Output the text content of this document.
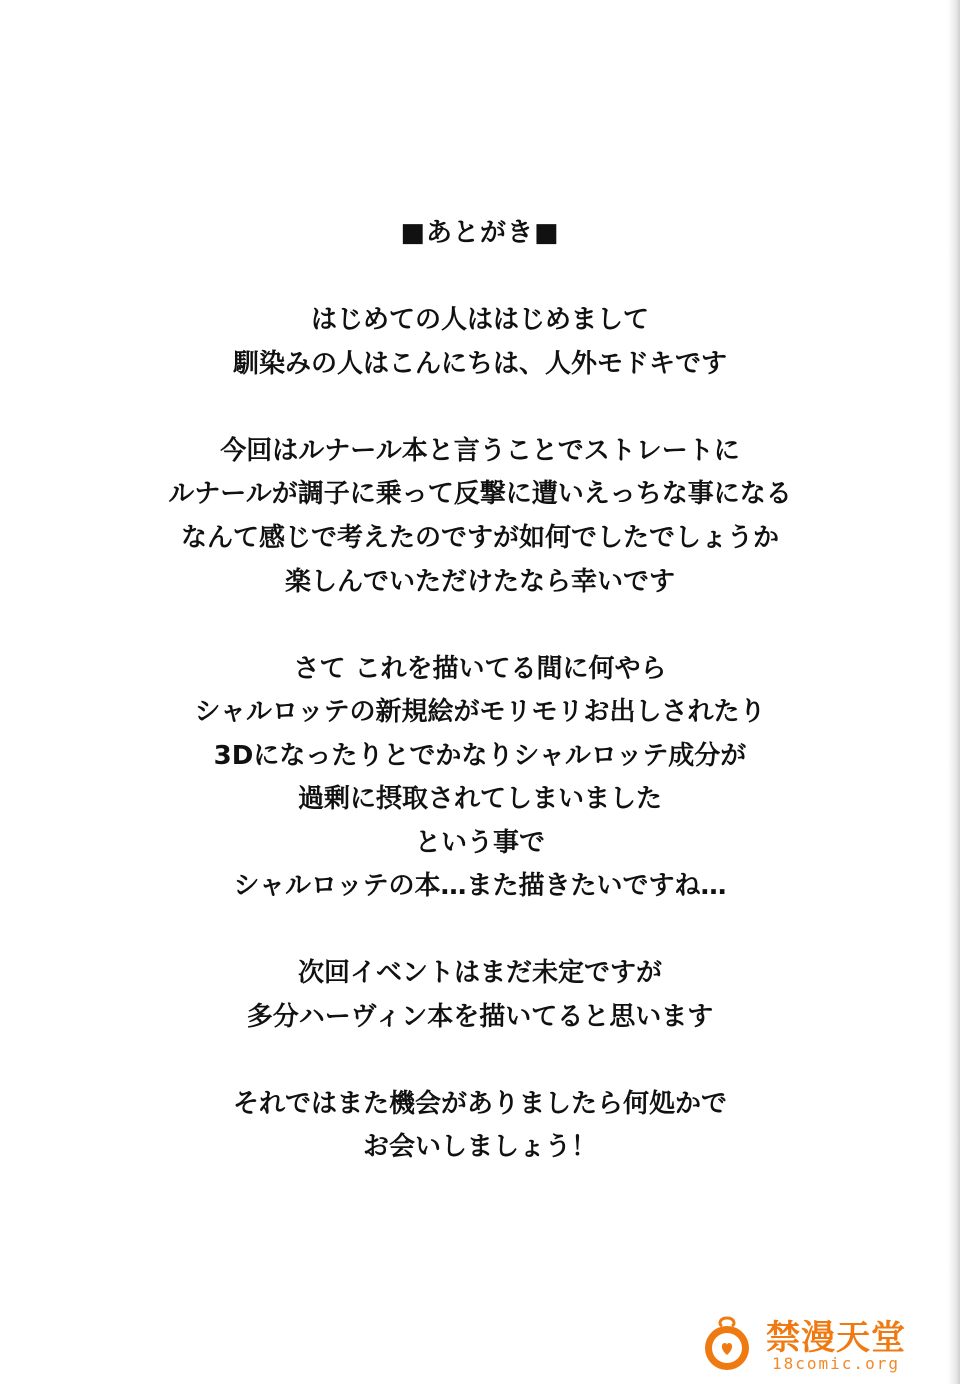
■あとがき■
はじめての人ははじめまして
馴染みの人はこんにちは、人外モドキです
今回はルナール本と言うことでストレートに
ルナールが調子に乗って反撃に遭いえっちな事になる
なんて感じで考えたのですが如何でしたでしょうか
楽しんでいただけたなら幸いです
さて これを描いてる間に何やら
シャルロッテの新規絵がモリモリお出しされたり
3Dになったりとでかなりシャルロッテ成分が
過剰に摂取されてしまいました
という事で
シャルロッテの本…また描きたいですね…
次回イベントはまだ未定ですが
多分ハーヴィン本を描いてると思います
それではまた機会がありましたら何処かで
お会いしましょう！
禁漫天堂
18comic.org
